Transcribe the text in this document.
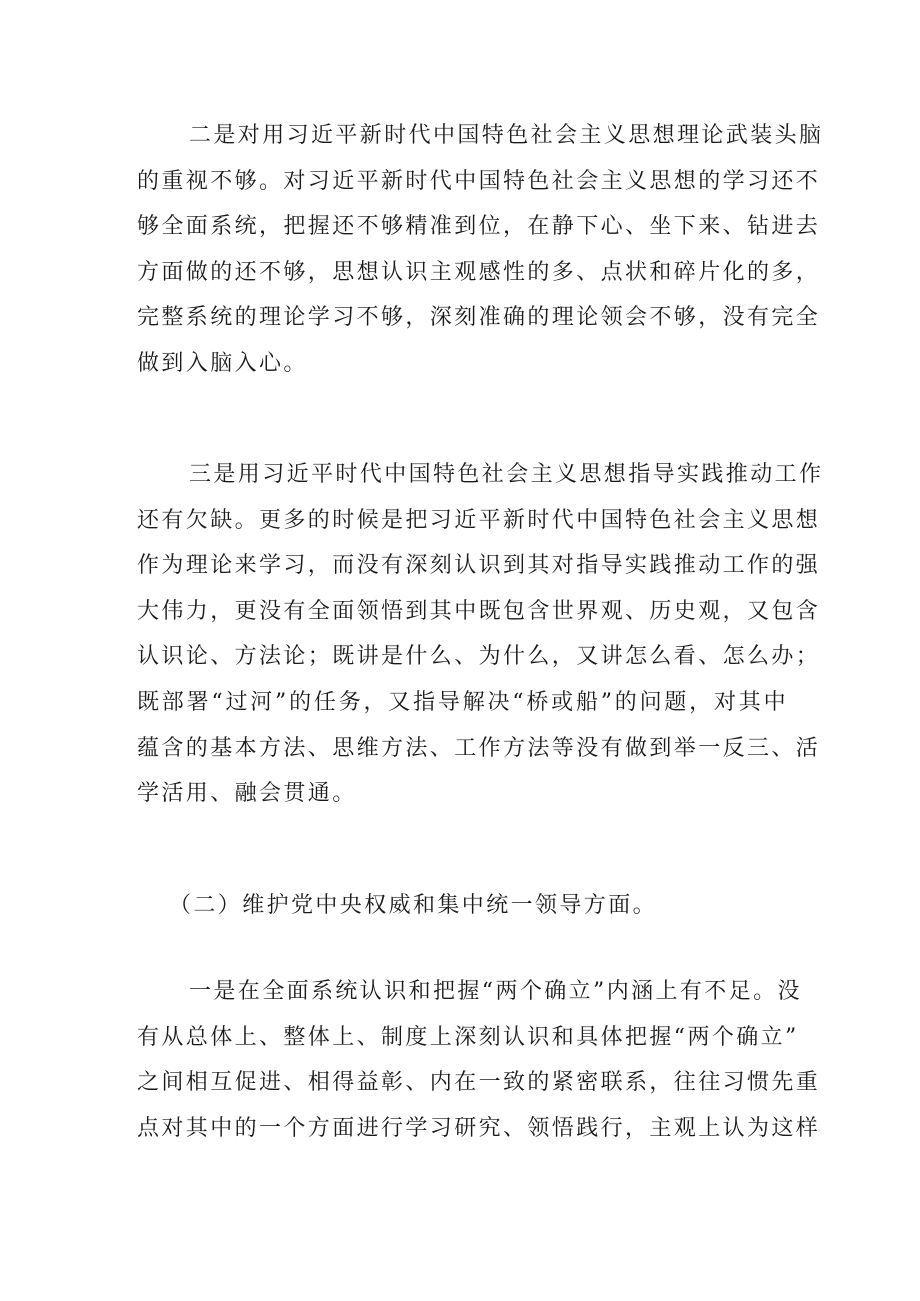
二是对用习近平新时代中国特色社会主义思想理论武装头脑
的重视不够。对习近平新时代中国特色社会主义思想的学习还不
够全面系统，把握还不够精准到位，在静下心、坐下来、钻进去
方面做的还不够，思想认识主观感性的多、点状和碎片化的多，
完整系统的理论学习不够，深刻准确的理论领会不够，没有完全
做到入脑入心。
三是用习近平时代中国特色社会主义思想指导实践推动工作
还有欠缺。更多的时候是把习近平新时代中国特色社会主义思想
作为理论来学习，而没有深刻认识到其对指导实践推动工作的强
大伟力，更没有全面领悟到其中既包含世界观、历史观，又包含
认识论、方法论；既讲是什么、为什么，又讲怎么看、怎么办；
既部署“过河”的任务，又指导解决“桥或船”的问题，对其中
蕴含的基本方法、思维方法、工作方法等没有做到举一反三、活
学活用、融会贯通。
（二）维护党中央权威和集中统一领导方面。
一是在全面系统认识和把握“两个确立”内涵上有不足。没
有从总体上、整体上、制度上深刻认识和具体把握“两个确立”
之间相互促进、相得益彰、内在一致的紧密联系，往往习惯先重
点对其中的一个方面进行学习研究、领悟践行，主观上认为这样
